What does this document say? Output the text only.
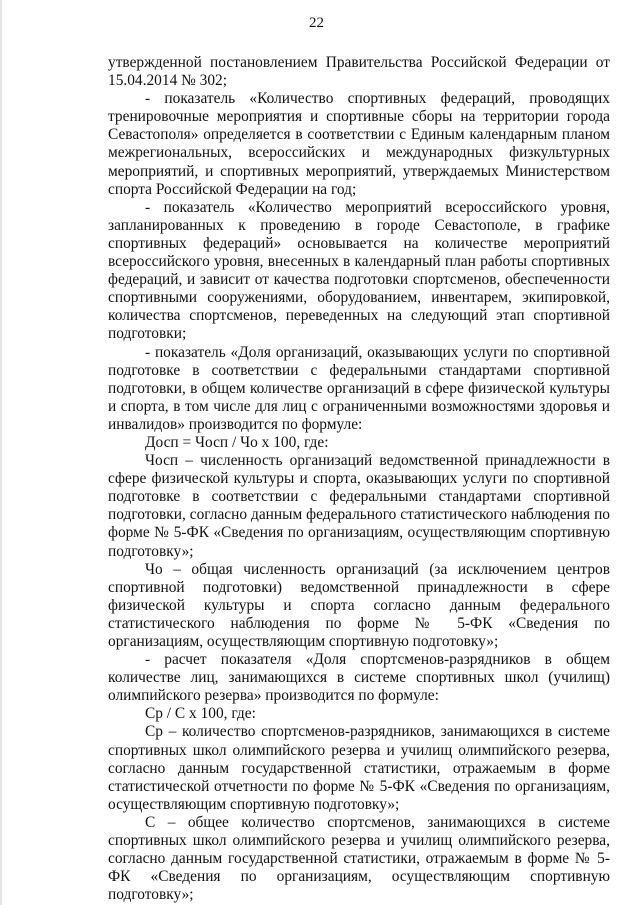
22

утвержденной постановлением Правительства Российской Федерации от 15.04.2014 № 302;

- показатель «Количество спортивных федераций, проводящих тренировочные мероприятия и спортивные сборы на территории города Севастополя» определяется в соответствии с Единым календарным планом межрегиональных, всероссийских и международных физкультурных мероприятий, и спортивных мероприятий, утверждаемых Министерством спорта Российской Федерации на год;

- показатель «Количество мероприятий всероссийского уровня, запланированных к проведению в городе Севастополе, в графике спортивных федераций» основывается на количестве мероприятий всероссийского уровня, внесенных в календарный план работы спортивных федераций, и зависит от качества подготовки спортсменов, обеспеченности спортивными сооружениями, оборудованием, инвентарем, экипировкой, количества спортсменов, переведенных на следующий этап спортивной подготовки;

- показатель «Доля организаций, оказывающих услуги по спортивной подготовке в соответствии с федеральными стандартами спортивной подготовки, в общем количестве организаций в сфере физической культуры и спорта, в том числе для лиц с ограниченными возможностями здоровья и инвалидов» производится по формуле:

Досп = Чосп / Чо x 100, где:

Чосп – численность организаций ведомственной принадлежности в сфере физической культуры и спорта, оказывающих услуги по спортивной подготовке в соответствии с федеральными стандартами спортивной подготовки, согласно данным федерального статистического наблюдения по форме № 5-ФК «Сведения по организациям, осуществляющим спортивную подготовку»;

Чо – общая численность организаций (за исключением центров спортивной подготовки) ведомственной принадлежности в сфере физической культуры и спорта согласно данным федерального статистического наблюдения по форме № 5-ФК «Сведения по организациям, осуществляющим спортивную подготовку»;

- расчет показателя «Доля спортсменов-разрядников в общем количестве лиц, занимающихся в системе спортивных школ (училищ) олимпийского резерва» производится по формуле:

Ср / С x 100, где:

Ср – количество спортсменов-разрядников, занимающихся в системе спортивных школ олимпийского резерва и училищ олимпийского резерва, согласно данным государственной статистики, отражаемым в форме статистической отчетности по форме № 5-ФК «Сведения по организациям, осуществляющим спортивную подготовку»;

С – общее количество спортсменов, занимающихся в системе спортивных школ олимпийского резерва и училищ олимпийского резерва, согласно данным государственной статистики, отражаемым в форме № 5-ФК «Сведения по организациям, осуществляющим спортивную подготовку»;
